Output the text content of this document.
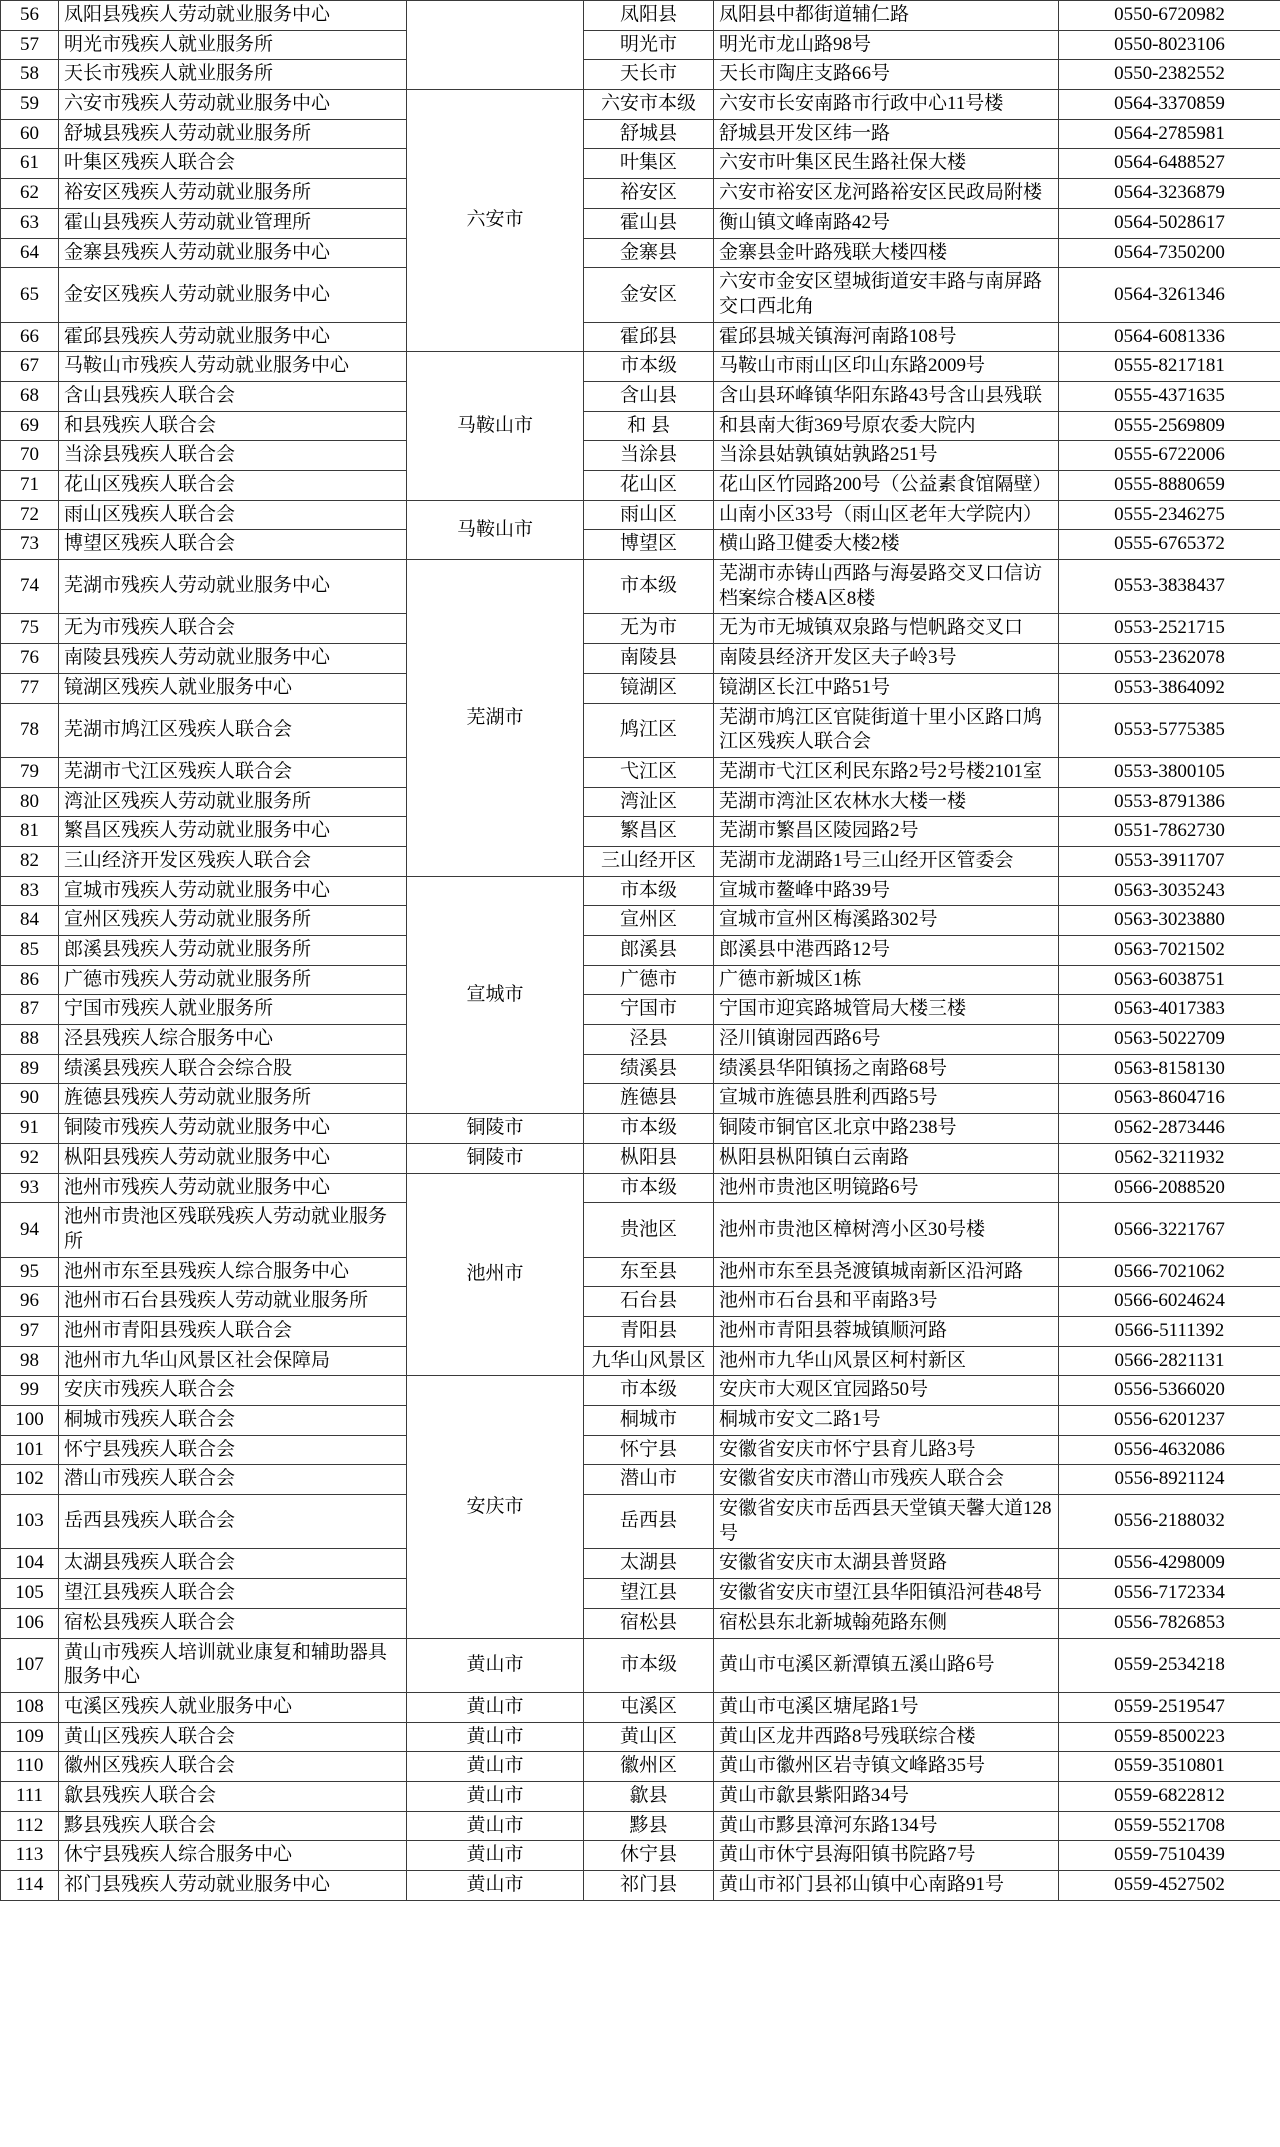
56	凤阳县残疾人劳动就业服务中心		凤阳县	凤阳县中都街道辅仁路	0550-6720982
57	明光市残疾人就业服务所		明光市	明光市龙山路98号	0550-8023106
58	天长市残疾人就业服务所		天长市	天长市陶庄支路66号	0550-2382552
59	六安市残疾人劳动就业服务中心	六安市	六安市本级	六安市长安南路市行政中心11号楼	0564-3370859
60	舒城县残疾人劳动就业服务所		舒城县	舒城县开发区纬一路	0564-2785981
61	叶集区残疾人联合会		叶集区	六安市叶集区民生路社保大楼	0564-6488527
62	裕安区残疾人劳动就业服务所		裕安区	六安市裕安区龙河路裕安区民政局附楼	0564-3236879
63	霍山县残疾人劳动就业管理所		霍山县	衡山镇文峰南路42号	0564-5028617
64	金寨县残疾人劳动就业服务中心		金寨县	金寨县金叶路残联大楼四楼	0564-7350200
65	金安区残疾人劳动就业服务中心		金安区	六安市金安区望城街道安丰路与南屏路交口西北角	0564-3261346
66	霍邱县残疾人劳动就业服务中心		霍邱县	霍邱县城关镇海河南路108号	0564-6081336
67	马鞍山市残疾人劳动就业服务中心	马鞍山市	市本级	马鞍山市雨山区印山东路2009号	0555-8217181
68	含山县残疾人联合会		含山县	含山县环峰镇华阳东路43号含山县残联	0555-4371635
69	和县残疾人联合会		和 县	和县南大街369号原农委大院内	0555-2569809
70	当涂县残疾人联合会		当涂县	当涂县姑孰镇姑孰路251号	0555-6722006
71	花山区残疾人联合会		花山区	花山区竹园路200号（公益素食馆隔壁）	0555-8880659
72	雨山区残疾人联合会	马鞍山市	雨山区	山南小区33号（雨山区老年大学院内）	0555-2346275
73	博望区残疾人联合会		博望区	横山路卫健委大楼2楼	0555-6765372
74	芜湖市残疾人劳动就业服务中心	芜湖市	市本级	芜湖市赤铸山西路与海晏路交叉口信访档案综合楼A区8楼	0553-3838437
75	无为市残疾人联合会		无为市	无为市无城镇双泉路与恺帆路交叉口	0553-2521715
76	南陵县残疾人劳动就业服务中心		南陵县	南陵县经济开发区夫子岭3号	0553-2362078
77	镜湖区残疾人就业服务中心		镜湖区	镜湖区长江中路51号	0553-3864092
78	芜湖市鸠江区残疾人联合会		鸠江区	芜湖市鸠江区官陡街道十里小区路口鸠江区残疾人联合会	0553-5775385
79	芜湖市弋江区残疾人联合会		弋江区	芜湖市弋江区利民东路2号2号楼2101室	0553-3800105
80	湾沚区残疾人劳动就业服务所		湾沚区	芜湖市湾沚区农林水大楼一楼	0553-8791386
81	繁昌区残疾人劳动就业服务中心		繁昌区	芜湖市繁昌区陵园路2号	0551-7862730
82	三山经济开发区残疾人联合会		三山经开区	芜湖市龙湖路1号三山经开区管委会	0553-3911707
83	宣城市残疾人劳动就业服务中心	宣城市	市本级	宣城市鳌峰中路39号	0563-3035243
84	宣州区残疾人劳动就业服务所		宣州区	宣城市宣州区梅溪路302号	0563-3023880
85	郎溪县残疾人劳动就业服务所		郎溪县	郎溪县中港西路12号	0563-7021502
86	广德市残疾人劳动就业服务所		广德市	广德市新城区1栋	0563-6038751
87	宁国市残疾人就业服务所		宁国市	宁国市迎宾路城管局大楼三楼	0563-4017383
88	泾县残疾人综合服务中心		泾县	泾川镇谢园西路6号	0563-5022709
89	绩溪县残疾人联合会综合股		绩溪县	绩溪县华阳镇扬之南路68号	0563-8158130
90	旌德县残疾人劳动就业服务所		旌德县	宣城市旌德县胜利西路5号	0563-8604716
91	铜陵市残疾人劳动就业服务中心	铜陵市	市本级	铜陵市铜官区北京中路238号	0562-2873446
92	枞阳县残疾人劳动就业服务中心	铜陵市	枞阳县	枞阳县枞阳镇白云南路	0562-3211932
93	池州市残疾人劳动就业服务中心	池州市	市本级	池州市贵池区明镜路6号	0566-2088520
94	池州市贵池区残联残疾人劳动就业服务所		贵池区	池州市贵池区樟树湾小区30号楼	0566-3221767
95	池州市东至县残疾人综合服务中心		东至县	池州市东至县尧渡镇城南新区沿河路	0566-7021062
96	池州市石台县残疾人劳动就业服务所		石台县	池州市石台县和平南路3号	0566-6024624
97	池州市青阳县残疾人联合会		青阳县	池州市青阳县蓉城镇顺河路	0566-5111392
98	池州市九华山风景区社会保障局		九华山风景区	池州市九华山风景区柯村新区	0566-2821131
99	安庆市残疾人联合会	安庆市	市本级	安庆市大观区宜园路50号	0556-5366020
100	桐城市残疾人联合会		桐城市	桐城市安文二路1号	0556-6201237
101	怀宁县残疾人联合会		怀宁县	安徽省安庆市怀宁县育儿路3号	0556-4632086
102	潜山市残疾人联合会		潜山市	安徽省安庆市潜山市残疾人联合会	0556-8921124
103	岳西县残疾人联合会		岳西县	安徽省安庆市岳西县天堂镇天馨大道128号	0556-2188032
104	太湖县残疾人联合会		太湖县	安徽省安庆市太湖县普贤路	0556-4298009
105	望江县残疾人联合会		望江县	安徽省安庆市望江县华阳镇沿河巷48号	0556-7172334
106	宿松县残疾人联合会		宿松县	宿松县东北新城翰苑路东侧	0556-7826853
107	黄山市残疾人培训就业康复和辅助器具服务中心	黄山市	市本级	黄山市屯溪区新潭镇五溪山路6号	0559-2534218
108	屯溪区残疾人就业服务中心	黄山市	屯溪区	黄山市屯溪区塘尾路1号	0559-2519547
109	黄山区残疾人联合会	黄山市	黄山区	黄山区龙井西路8号残联综合楼	0559-8500223
110	徽州区残疾人联合会	黄山市	徽州区	黄山市徽州区岩寺镇文峰路35号	0559-3510801
111	歙县残疾人联合会	黄山市	歙县	黄山市歙县紫阳路34号	0559-6822812
112	黟县残疾人联合会	黄山市	黟县	黄山市黟县漳河东路134号	0559-5521708
113	休宁县残疾人综合服务中心	黄山市	休宁县	黄山市休宁县海阳镇书院路7号	0559-7510439
114	祁门县残疾人劳动就业服务中心	黄山市	祁门县	黄山市祁门县祁山镇中心南路91号	0559-4527502
